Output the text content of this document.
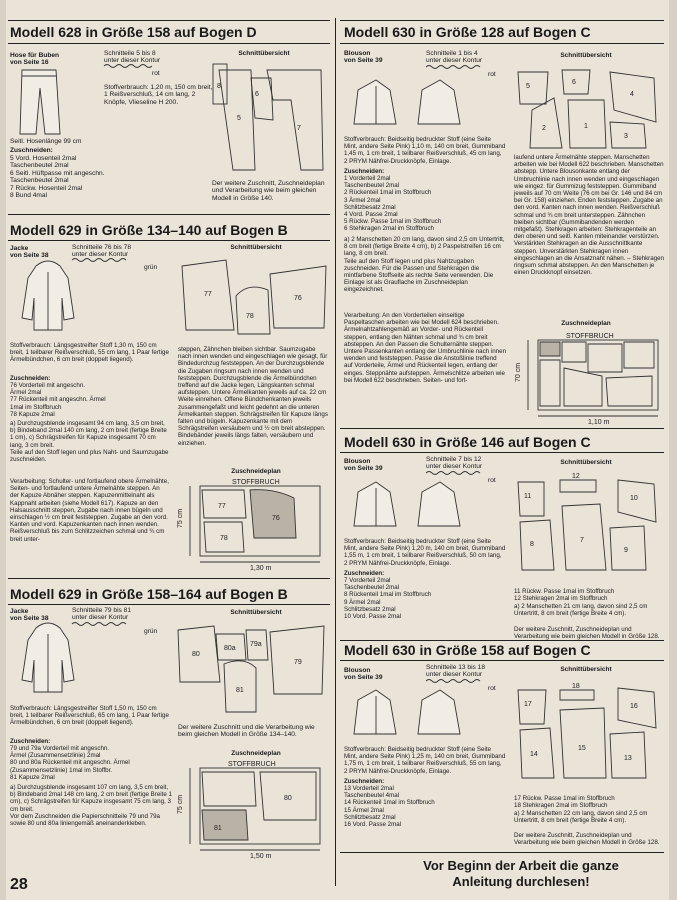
Modell 628 in Größe 158 auf Bogen D
Hose für Buben
von Seite 16
Schnitteile 5 bis 8
unter dieser Kontur
rot
Schnittübersicht
Stoffverbrauch: 1,20 m, 150 cm breit, 1 Reißverschluß, 14 cm lang, 2 Knöpfe, Vlieseline H 200.
Seitl. Hosenlänge 99 cm
Zuschneiden:
5 Vord. Hosenteil 2mal
Taschenbeutel 2mal
6 Seitl. Hüftpasse mit angeschn.
Taschenbeutel 2mal
7 Rückw. Hosenteil 2mal
8 Bund 4mal
6
5
7
8
Der weitere Zuschnitt, Zuschneideplan und Verarbeitung wie beim gleichen Modell in Größe 140.
Modell 629 in Größe 134–140 auf Bogen B
Jacke
von Seite 38
Schnitteile 76 bis 78
unter dieser Kontur
grün
Schnittübersicht
77
78
76
Stoffverbrauch: Längsgestreifter Stoff 1,30 m, 150 cm breit, 1 teilbarer Reißverschluß, 55 cm lang, 1 Paar fertige Ärmelbündchen, 6 cm breit (doppelt liegend).
Zuschneiden:
76 Vorderteil mit angeschn.
Ärmel 2mal
77 Rückenteil mit angeschn. Ärmel
1mal im Stoffbruch
78 Kapuze 2mal
a) Durchzugsblende insgesamt 94 cm lang, 3,5 cm breit, b) Bindeband 2mal 140 cm lang, 2 cm breit (fertige Breite 1 cm), c) Schrägstreifen für Kapuze insgesamt 70 cm lang, 3 cm breit.
Teile auf den Stoff legen und plus Naht- und Saumzugabe zuschneiden.
Verarbeitung: Schulter- und fortlaufend obere Ärmelnähte, Seiten- und fortlaufend untere Ärmelnähte steppen. An der Kapuze Abnäher steppen. Kapuzenmittelnaht als Kappnaht arbeiten (siehe Modell 617). Kapuze an den Halsausschnitt steppen, Zugabe nach innen bügeln und einschlagen ½ cm breit feststeppen. Zugabe an den vord. Kanten und vord. Kapuzenkanten nach innen wenden. Reißverschluß bis zum Schlitzzeichen schmal und ¾ cm breit unter-
steppen, Zähnchen bleiben sichtbar. Saumzugabe nach innen wenden und eingeschlagen wie gesagt, für Bindedurchzug feststeppen. An der Durchzugsblende die Zugaben ringsum nach innen wenden und feststeppen. Durchzugsblende die Ärmelbündchen treffend auf die Jacke legen, Längskanten schmal aufsteppen. Untere Ärmelkanten jeweils auf ca. 22 cm Weite einreihen. Offene Bündchenkanten jeweils zusammengefaßt und leicht gedehnt an die unteren Ärmelkanten steppen. Schrägstreifen für Kapuze längs falten und bügeln. Kapuzenkante mit dem Schrägstreifen versäubern und ½ cm breit absteppen. Bindebänder jeweils längs falten, versäubern und einziehen.
Zuschneideplan
STOFFBRUCH
77
78
76
75 cm
1,30 m
Modell 629 in Größe 158–164 auf Bogen B
Jacke
von Seite 38
Schnitteile 79 bis 81
unter dieser Kontur
grün
Schnittübersicht
80
80a
79a
79
81
Stoffverbrauch: Längsgestreifter Stoff 1,50 m, 150 cm breit, 1 teilbarer Reißverschluß, 65 cm lang, 1 Paar fertige Ärmelbündchen, 6 cm breit (doppelt liegend).
Zuschneiden:
79 und 79a Vorderteil mit angeschn.
Ärmel (Zusammensetzlinie) 2mal
80 und 80a Rückenteil mit angeschn. Ärmel
(Zusammensetzlinie) 1mal im Stoffbr.
81 Kapuze 2mal
a) Durchzugsblende insgesamt 107 cm lang, 3,5 cm breit, b) Bindeband 2mal 148 cm lang, 2 cm breit (fertige Breite 1 cm), c) Schrägstreifen für Kapuze insgesamt 75 cm lang, 3 cm breit.
Vor dem Zuschneiden die Papierschnitteile 79 und 79a sowie 80 und 80a liniengemäß aneinanderkleben.
Der weitere Zuschnitt und die Verarbeitung wie beim gleichen Modell in Größe 134–140.
Zuschneideplan
STOFFBRUCH
81
80
75 cm
1,50 m
Modell 630 in Größe 128 auf Bogen C
Blouson
von Seite 39
Schnitteile 1 bis 4
unter dieser Kontur
rot
Schnittübersicht
5
6
4
2	1
3
Stoffverbrauch: Beidseitig bedruckter Stoff (eine Seite Mint, andere Seite Pink) 1,10 m, 140 cm breit, Gummiband 1,45 m, 1 cm breit, 1 teilbarer Reißverschluß, 45 cm lang, 2 PRYM Nähfrei-Druckknöpfe, Einlage.
Zuschneiden:
1 Vorderteil 2mal
Taschenbeutel 2mal
2 Rückenteil 1mal im Stoffbruch
3 Ärmel 2mal
Schlitzbesatz 2mal
4 Vord. Passe 2mal
5 Rückw. Passe 1mal im Stoffbruch
6 Stehkragen 2mal im Stoffbruch
a) 2 Manschetten 20 cm lang, davon sind 2,5 cm Untertritt, 8 cm breit (fertige Breite 4 cm), b) 2 Paspelstreifen 16 cm lang, 8 cm breit.
Teile auf den Stoff legen und plus Nahtzugaben zuschneiden. Für die Passen und Stehkragen die mintfarbene Stoffseite als rechte Seite verwenden. Die Einlage ist als Grauflache im Zuschneideplan eingezeichnet.
Verarbeitung: An den Vorderteilen einseitige Paspeltaschen arbeiten wie bei Modell 624 beschrieben. Ärmelnahtzahlengemäß an Vorder- und Rückenteil steppen, entlang den Nähten schmal und ¾ cm breit absteppen. An den Passen die Schulternähte steppen. Untere Passenkanten entlang der Umbruchlinie nach innen wenden und feststeppen. Passe die Anstoßlinie treffend auf Vorderteile, Ärmel und Rückenteil legen, entlang der einges. Steppnähte aufsteppen. Ärmelschlitze arbeiten wie bei Modell 622 beschrieben. Seiten- und fort-
laufend untere Ärmelnähte steppen. Manschetten arbeiten wie bei Modell 622 beschrieben. Manschetten abstepp. Untere Blousonkante entlang der Umbruchlinie nach innen wenden und eingeschlagen wie eingez. für Gummizug feststeppen. Gummiband jeweils auf 70 cm Weite (76 cm bei Gr. 146 und 84 cm bei Gr. 158) einziehen. Enden feststeppen. Zugabe an den vord. Kanten nach innen wenden. Reißverschluß schmal und ¾ cm breit untersteppen. Zähnchen bleiben sichtbar (Gummibandenden werden mitgefaßt). Stehkragen arbeiten: Stehkragenteile an den oberen und seitl. Kanten miteinander verstürzen. Verstärkten Stehkragen an die Ausschnittkante steppen. Unverstärkten Stehkragen innen eingeschlagen an die Ansatznaht nähen. – Stehkragen ringsum schmal absteppen. An den Manschetten je einen Druckknopf einsetzen.
Zuschneideplan
STOFFBRUCH
70 cm
1,10 m
Modell 630 in Größe 146 auf Bogen C
Blouson
von Seite 39
Schnitteile 7 bis 12
unter dieser Kontur
rot
Schnittübersicht
11
12
10
8
7
9
Stoffverbrauch: Beidseitig bedruckter Stoff (eine Seite Mint, andere Seite Pink) 1,20 m, 140 cm breit, Gummiband 1,55 m, 1 cm breit, 1 teilbarer Reißverschluß, 50 cm lang, 2 PRYM Nähfrei-Druckknöpfe, Einlage.
Zuschneiden:
7 Vorderteil 2mal
Taschenbeutel 2mal
8 Rückenteil 1mal im Stoffbruch
9 Ärmel 2mal
Schlitzbesatz 2mal
10 Vord. Passe 2mal
11 Rückw. Passe 1mal im Stoffbruch
12 Stehkragen 2mal im Stoffbruch
a) 2 Manschetten 21 cm lang, davon sind 2,5 cm Untertritt, 8 cm breit (fertige Breite 4 cm).
Der weitere Zuschnitt, Zuschneideplan und Verarbeitung wie beim gleichen Modell in Größe 128.
Modell 630 in Größe 158 auf Bogen C
Blouson
von Seite 39
Schnitteile 13 bis 18
unter dieser Kontur
rot
Schnittübersicht
17
18
16
14
15
13
Stoffverbrauch: Beidseitig bedruckter Stoff (eine Seite Mint, andere Seite Pink) 1,25 m, 140 cm breit, Gummiband 1,75 m, 1 cm breit, 1 teilbarer Reißverschluß, 55 cm lang, 2 PRYM Nähfrei-Druckknöpfe, Einlage.
Zuschneiden:
13 Vorderteil 2mal
Taschenbeutel 4mal
14 Rückenteil 1mal im Stoffbruch
15 Ärmel 2mal
Schlitzbesatz 2mal
16 Vord. Passe 2mal
17 Rückw. Passe 1mal im Stoffbruch
18 Stehkragen 2mal im Stoffbruch
a) 2 Manschetten 22 cm lang, davon sind 2,5 cm Untertritt, 8 cm breit (fertige Breite 4 cm).
Der weitere Zuschnitt, Zuschneideplan und Verarbeitung wie beim gleichen Modell in Größe 128.
Vor Beginn der Arbeit die ganze
Anleitung durchlesen!
28
